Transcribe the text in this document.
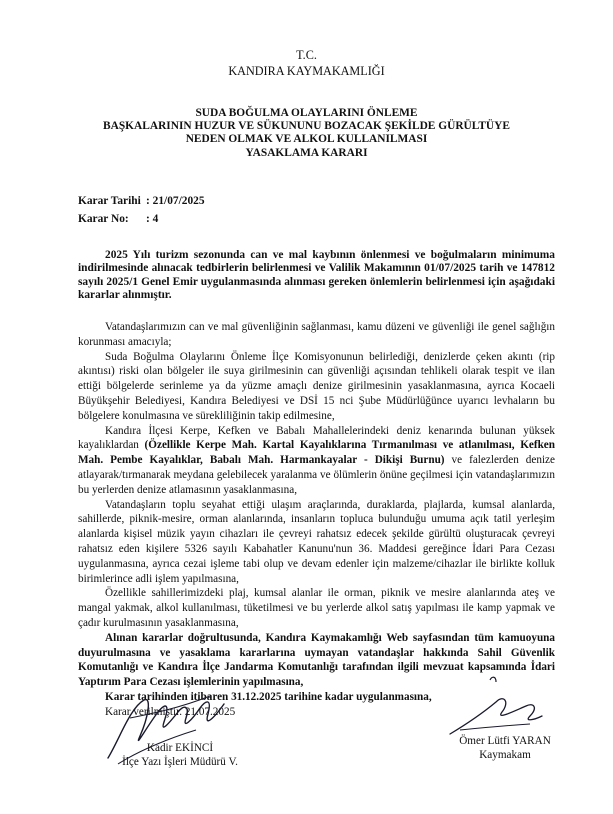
T.C.
KANDIRA KAYMAKAMLIĞI
SUDA BOĞULMA OLAYLARINI ÖNLEME
BAŞKALARININ HUZUR VE SÜKUNUNU BOZACAK ŞEKİLDE GÜRÜLTÜYE
NEDEN OLMAK VE ALKOL KULLANILMASI
YASAKLAMA KARARI
Karar Tarihi : 21/07/2025
Karar No: : 4

2025 Yılı turizm sezonunda can ve mal kaybının önlenmesi ve boğulmaların minimuma indirilmesinde alınacak tedbirlerin belirlenmesi ve Valilik Makamının 01/07/2025 tarih ve 147812 sayılı 2025/1 Genel Emir uygulanmasında alınması gereken önlemlerin belirlenmesi için aşağıdaki kararlar alınmıştır.

Vatandaşlarımızın can ve mal güvenliğinin sağlanması, kamu düzeni ve güvenliği ile genel sağlığın korunması amacıyla;

Suda Boğulma Olaylarını Önleme İlçe Komisyonunun belirlediği, denizlerde çeken akıntı (rip akıntısı) riski olan bölgeler ile suya girilmesinin can güvenliği açısından tehlikeli olarak tespit ve ilan ettiği bölgelerde serinleme ya da yüzme amaçlı denize girilmesinin yasaklanmasına, ayrıca Kocaeli Büyükşehir Belediyesi, Kandıra Belediyesi ve DSİ 15 nci Şube Müdürlüğünce uyarıcı levhaların bu bölgelere konulmasına ve sürekliliğinin takip edilmesine,

Kandıra İlçesi Kerpe, Kefken ve Babalı Mahallelerindeki deniz kenarında bulunan yüksek kayalıklardan (Özellikle Kerpe Mah. Kartal Kayalıklarına Tırmanılması ve atlanılması, Kefken Mah. Pembe Kayalıklar, Babalı Mah. Harmankayalar - Dikişi Burnu) ve falezlerden denize atlayarak/tırmanarak meydana gelebilecek yaralanma ve ölümlerin önüne geçilmesi için vatandaşlarımızın bu yerlerden denize atlamasının yasaklanmasına,

Vatandaşların toplu seyahat ettiği ulaşım araçlarında, duraklarda, plajlarda, kumsal alanlarda, sahillerde, piknik-mesire, orman alanlarında, insanların topluca bulunduğu umuma açık tatil yerleşim alanlarda kişisel müzik yayın cihazları ile çevreyi rahatsız edecek şekilde gürültü oluşturacak çevreyi rahatsız eden kişilere 5326 sayılı Kabahatler Kanunu'nun 36. Maddesi gereğince İdari Para Cezası uygulanmasına, ayrıca cezai işleme tabi olup ve devam edenler için malzeme/cihazlar ile birlikte kolluk birimlerince adli işlem yapılmasına,

Özellikle sahillerimizdeki plaj, kumsal alanlar ile orman, piknik ve mesire alanlarında ateş ve mangal yakmak, alkol kullanılması, tüketilmesi ve bu yerlerde alkol satış yapılması ile kamp yapmak ve çadır kurulmasının yasaklanmasına,

Alınan kararlar doğrultusunda, Kandıra Kaymakamlığı Web sayfasından tüm kamuoyuna duyurulmasına ve yasaklama kararlarına uymayan vatandaşlar hakkında Sahil Güvenlik Komutanlığı ve Kandıra İlçe Jandarma Komutanlığı tarafından ilgili mevzuat kapsamında İdari Yaptırım Para Cezası işlemlerinin yapılmasına,

Karar tarihinden itibaren 31.12.2025 tarihine kadar uygulanmasına,

Karar verilmiştir. 21.07.2025

Kadir EKİNCİ
İlçe Yazı İşleri Müdürü V.
Ömer Lütfi YARAN
Kaymakam
